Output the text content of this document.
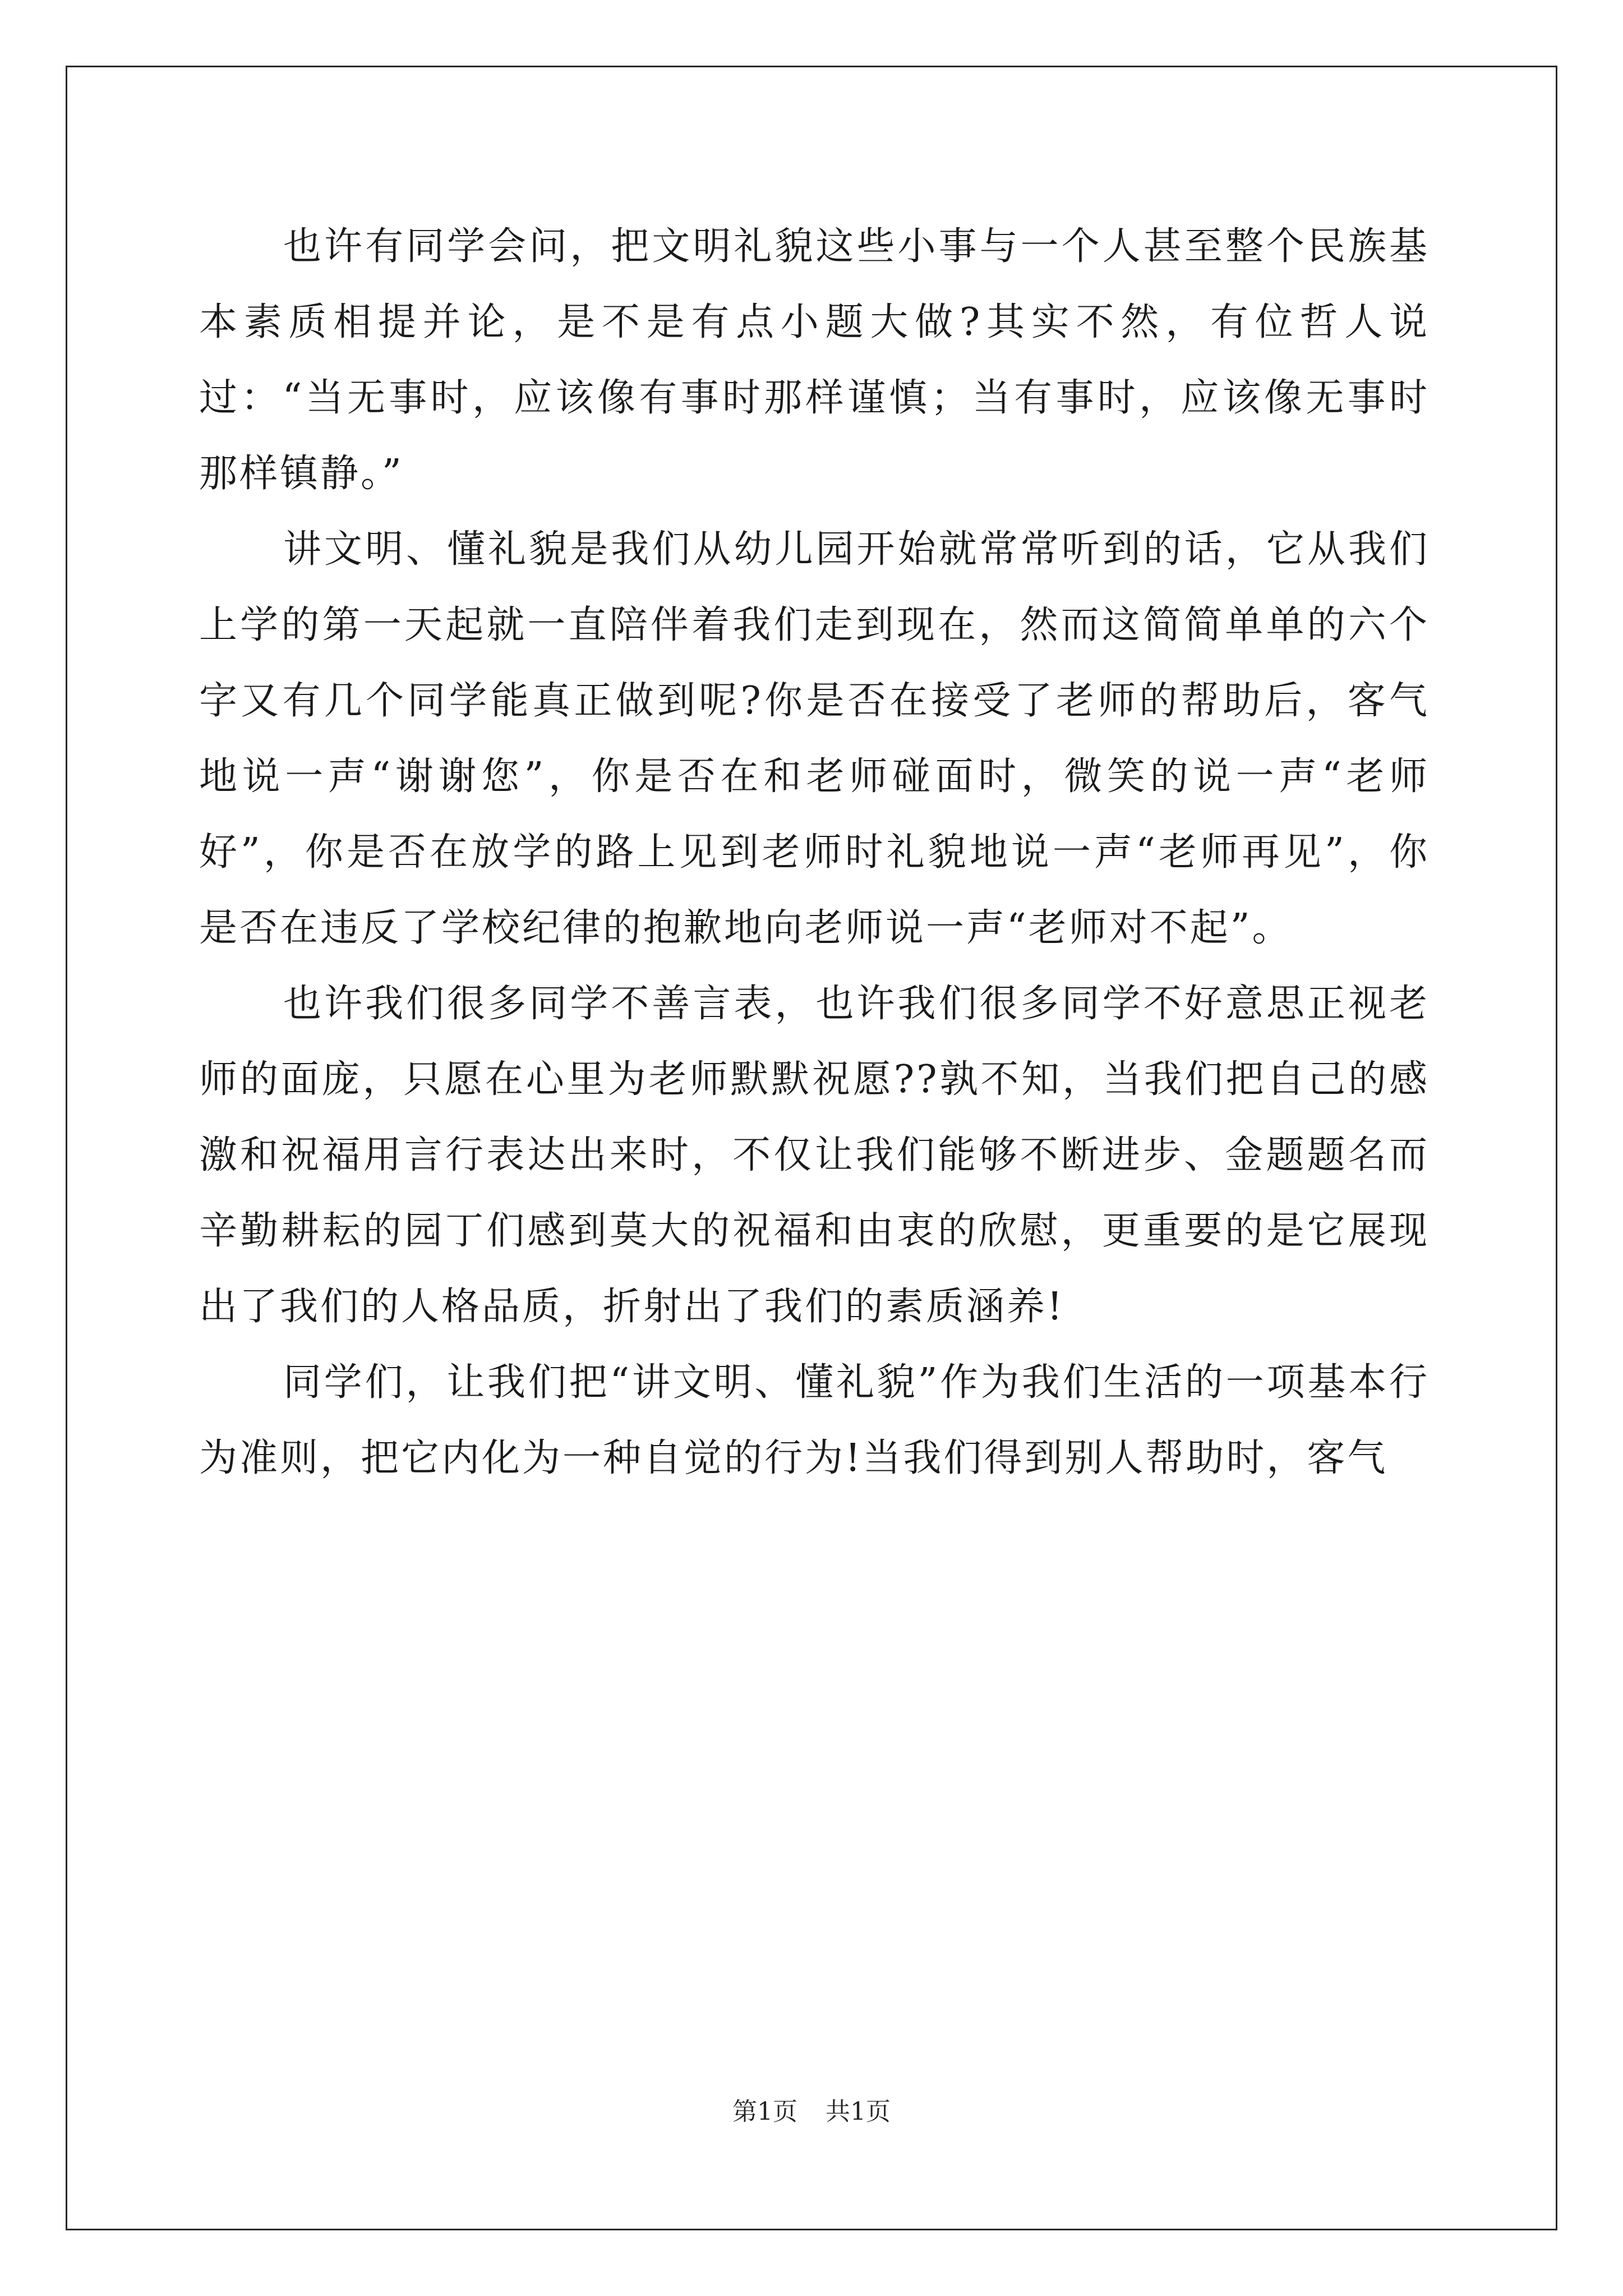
也许有同学会问，把文明礼貌这些小事与一个人甚至整个民族基本素质相提并论，是不是有点小题大做?其实不然，有位哲人说过：“当无事时，应该像有事时那样谨慎；当有事时，应该像无事时那样镇静。”

讲文明、懂礼貌是我们从幼儿园开始就常常听到的话，它从我们上学的第一天起就一直陪伴着我们走到现在，然而这简简单单的六个字又有几个同学能真正做到呢?你是否在接受了老师的帮助后，客气地说一声“谢谢您”，你是否在和老师碰面时，微笑的说一声“老师好”，你是否在放学的路上见到老师时礼貌地说一声“老师再见”，你是否在违反了学校纪律的抱歉地向老师说一声“老师对不起”。

也许我们很多同学不善言表，也许我们很多同学不好意思正视老师的面庞，只愿在心里为老师默默祝愿??孰不知，当我们把自己的感激和祝福用言行表达出来时，不仅让我们能够不断进步、金题题名而辛勤耕耘的园丁们感到莫大的祝福和由衷的欣慰，更重要的是它展现出了我们的人格品质，折射出了我们的素质涵养!

同学们，让我们把“讲文明、懂礼貌”作为我们生活的一项基本行为准则，把它内化为一种自觉的行为!当我们得到别人帮助时，客气

第1页 共1页
